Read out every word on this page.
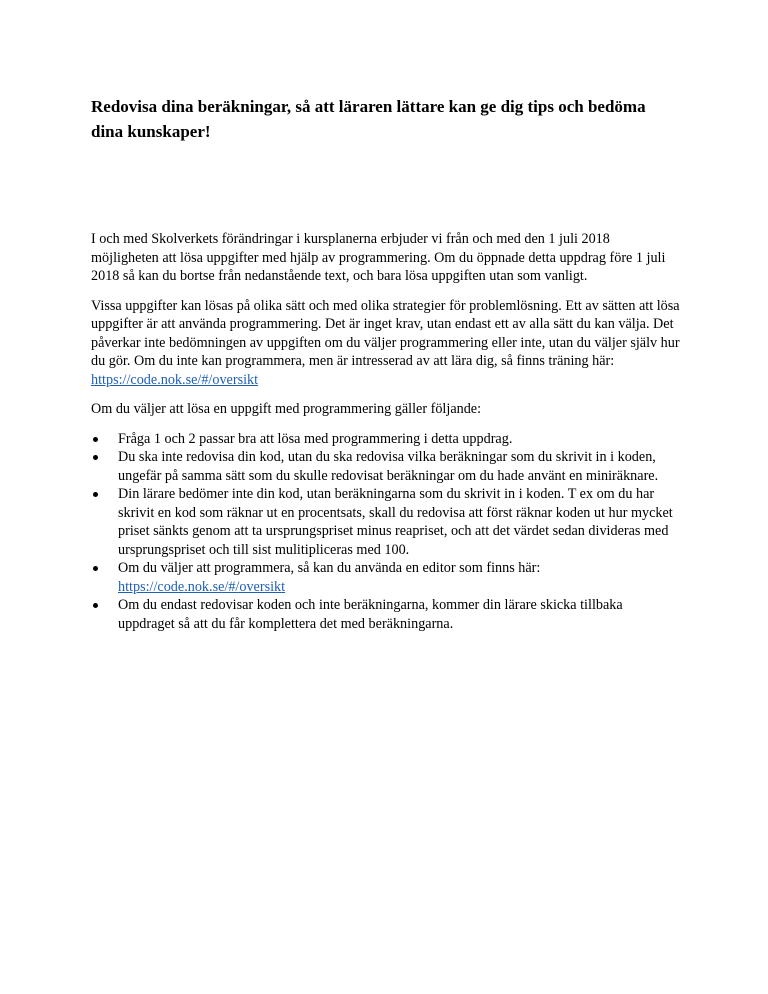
Redovisa dina beräkningar, så att läraren lättare kan ge dig tips och bedöma dina kunskaper!

I och med Skolverkets förändringar i kursplanerna erbjuder vi från och med den 1 juli 2018 möjligheten att lösa uppgifter med hjälp av programmering. Om du öppnade detta uppdrag före 1 juli 2018 så kan du bortse från nedanstående text, och bara lösa uppgiften utan som vanligt.

Vissa uppgifter kan lösas på olika sätt och med olika strategier för problemlösning. Ett av sätten att lösa uppgifter är att använda programmering. Det är inget krav, utan endast ett av alla sätt du kan välja. Det påverkar inte bedömningen av uppgiften om du väljer programmering eller inte, utan du väljer själv hur du gör. Om du inte kan programmera, men är intresserad av att lära dig, så finns träning här: https://code.nok.se/#/oversikt

Om du väljer att lösa en uppgift med programmering gäller följande:

Fråga 1 och 2 passar bra att lösa med programmering i detta uppdrag.
Du ska inte redovisa din kod, utan du ska redovisa vilka beräkningar som du skrivit in i koden, ungefär på samma sätt som du skulle redovisat beräkningar om du hade använt en miniräknare.
Din lärare bedömer inte din kod, utan beräkningarna som du skrivit in i koden. T ex om du har skrivit en kod som räknar ut en procentsats, skall du redovisa att först räknar koden ut hur mycket priset sänkts genom att ta ursprungspriset minus reapriset, och att det värdet sedan divideras med ursprungspriset och till sist mulitipliceras med 100.
Om du väljer att programmera, så kan du använda en editor som finns här: https://code.nok.se/#/oversikt
Om du endast redovisar koden och inte beräkningarna, kommer din lärare skicka tillbaka uppdraget så att du får komplettera det med beräkningarna.
